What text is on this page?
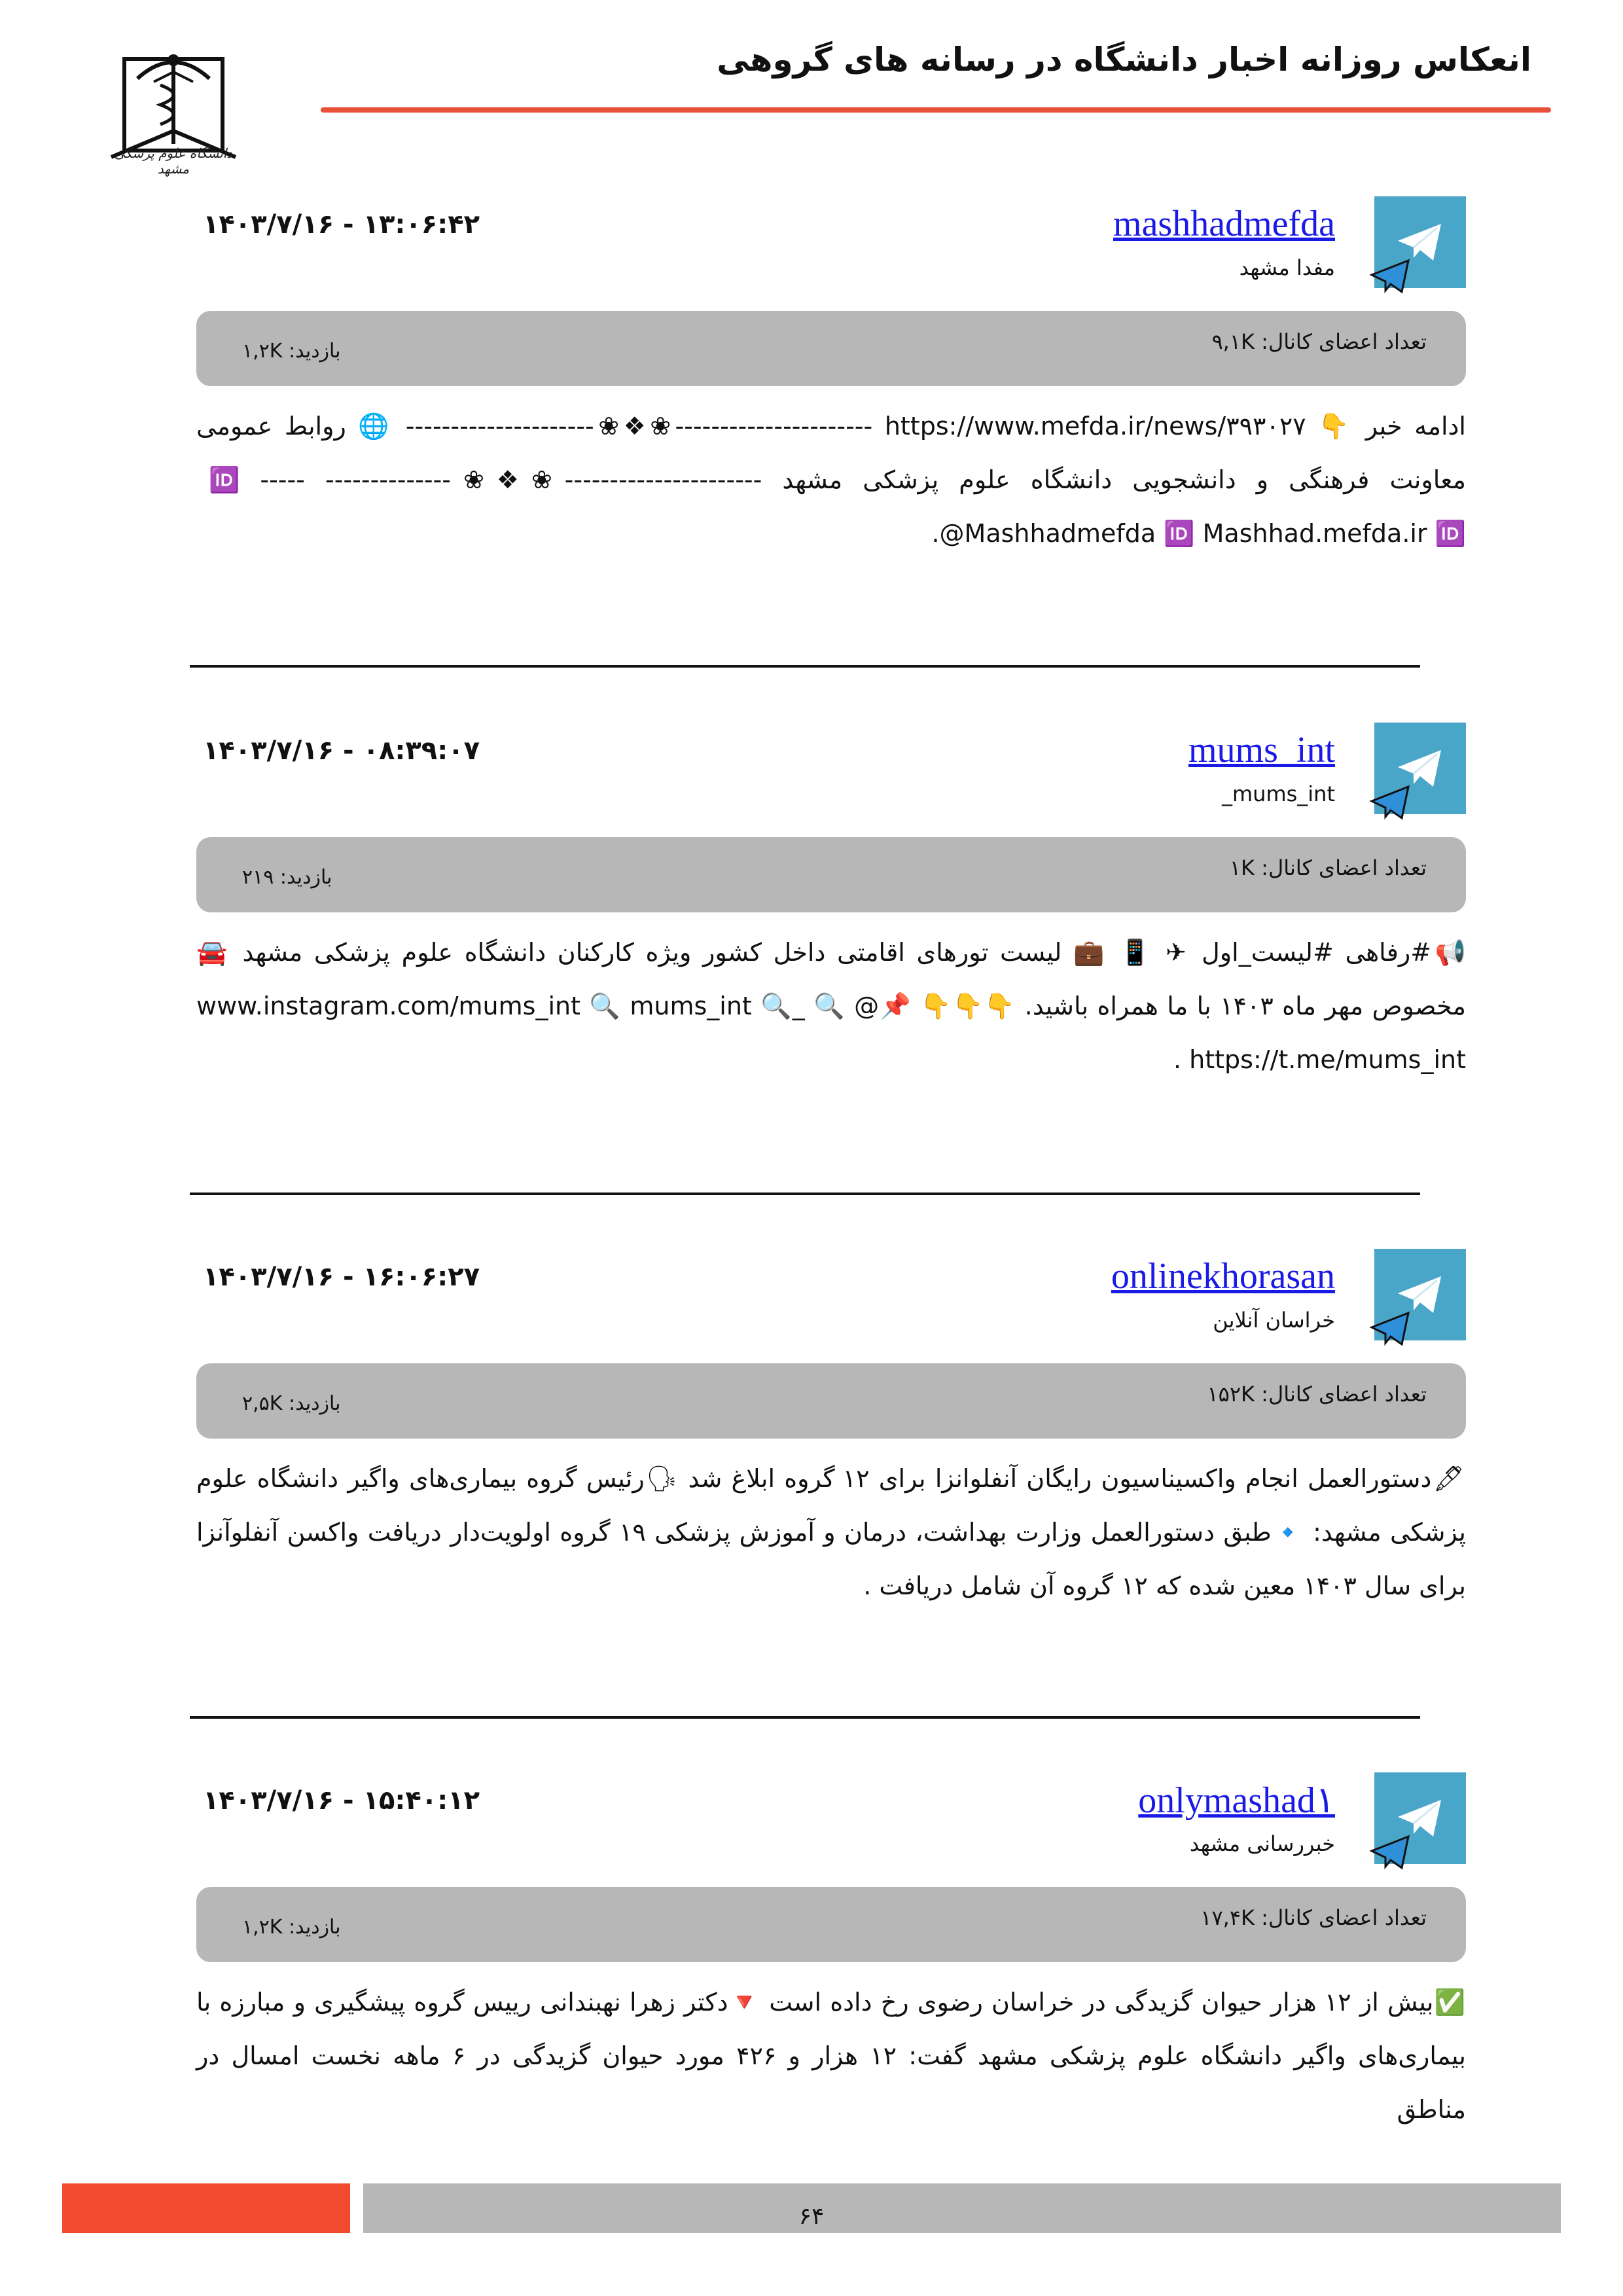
انعکاس روزانه اخبار دانشگاه در رسانه های گروهی
دانشگاه علوم پزشکی مشهد
mashhadmefda
مفدا مشهد
۱۴۰۳/۷/۱۶ - ۱۳:۰۶:۴۲
تعداد اعضای کانال: ۹,۱K
بازدید: ۱,۲K
ادامه خبر 👇 https://www.mefda.ir/news/۳۹۳۰۲۷ ----------------------❀❖❀--------------------- 🌐 روابط عمومی معاونت فرهنگی و دانشجویی دانشگاه علوم پزشکی مشهد ----------------------❀❖❀-------------- ----- 🆔 @Mashhadmefda 🆔 Mashhad.mefda.ir 🆔.
mums_int
mums_int_
۱۴۰۳/۷/۱۶ - ۰۸:۳۹:۰۷
تعداد اعضای کانال: ۱K
بازدید: ۲۱۹
📢#رفاهی #لیست_اول ✈ 📱 💼 لیست تورهای اقامتی داخل کشور ویژه کارکنان دانشگاه علوم پزشکی مشهد 🚘 مخصوص مهر ماه ۱۴۰۳ با ما همراه باشید. 👇👇👇 📌@ 🔍 _www.instagram.com/mums_int 🔍 mums_int 🔍 https://t.me/mums_int .
onlinekhorasan
خراسان آنلاین
۱۴۰۳/۷/۱۶ - ۱۶:۰۶:۲۷
تعداد اعضای کانال: ۱۵۲K
بازدید: ۲,۵K
🖋دستورالعمل انجام واکسیناسیون رایگان آنفلوانزا برای ۱۲ گروه ابلاغ شد 🗣رئیس گروه بیماری‌های واگیر دانشگاه علوم پزشکی مشهد: 🔹طبق دستورالعمل وزارت بهداشت، درمان و آموزش پزشکی ۱۹ گروه اولویت‌دار دریافت واکسن آنفلوآنزا برای سال ۱۴۰۳ معین شده که ۱۲ گروه آن شامل دریافت .
onlymashad۱
خبررسانی مشهد
۱۴۰۳/۷/۱۶ - ۱۵:۴۰:۱۲
تعداد اعضای کانال: ۱۷,۴K
بازدید: ۱,۲K
✅بیش از ۱۲ هزار حیوان گزیدگی در خراسان رضوی رخ داده است 🔻دکتر زهرا نهبندانی رییس گروه پیشگیری و مبارزه با بیماری‌های واگیر دانشگاه علوم پزشکی مشهد گفت: ۱۲ هزار و ۴۲۶ مورد حیوان گزیدگی در ۶ ماهه نخست امسال در مناطق
۶۴
